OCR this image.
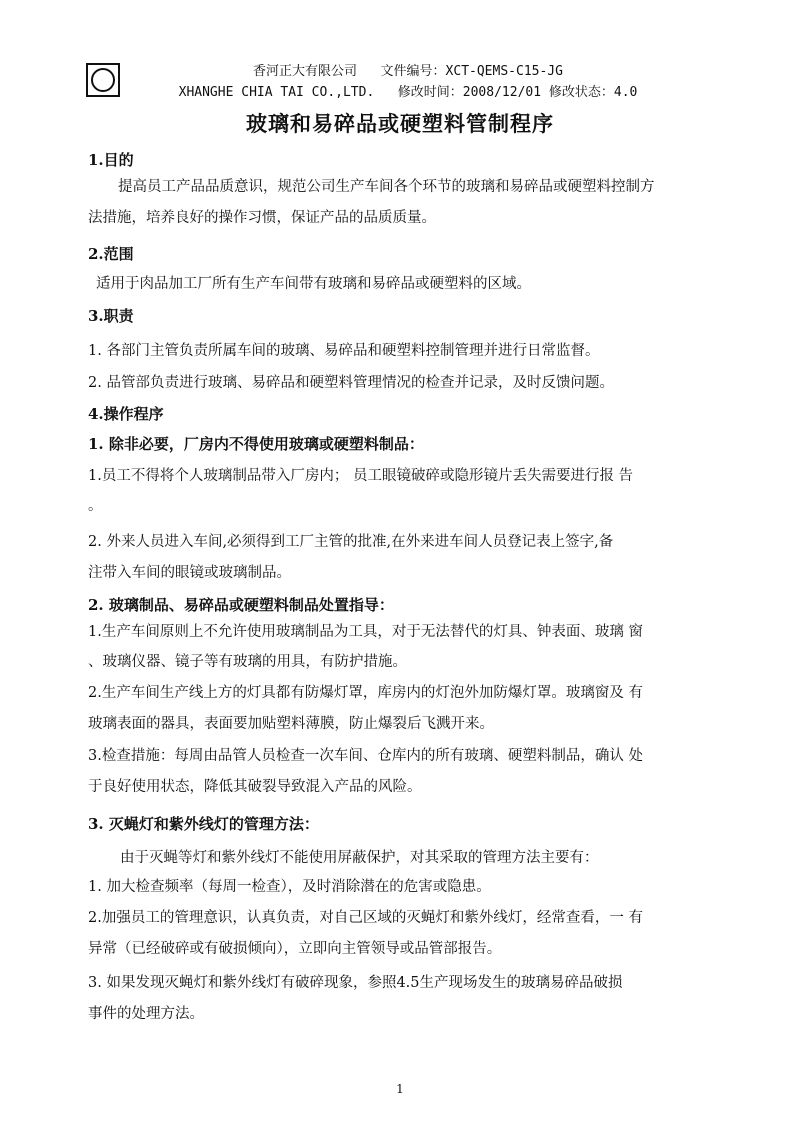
香河正大有限公司 文件编号：XCT-QEMS-C15-JG
XHANGHE CHIA TAI CO.,LTD. 修改时间：2008/12/01 修改状态：4.0
玻璃和易碎品或硬塑料管制程序
1.目的
提高员工产品品质意识，规范公司生产车间各个环节的玻璃和易碎品或硬塑料控制方
法措施，培养良好的操作习惯，保证产品的品质质量。
2.范围
适用于肉品加工厂所有生产车间带有玻璃和易碎品或硬塑料的区域。
3.职责
1. 各部门主管负责所属车间的玻璃、易碎品和硬塑料控制管理并进行日常监督。
2. 品管部负责进行玻璃、易碎品和硬塑料管理情况的检查并记录，及时反馈问题。
4.操作程序
1. 除非必要，厂房内不得使用玻璃或硬塑料制品：
1.员工不得将个人玻璃制品带入厂房内； 员工眼镜破碎或隐形镜片丢失需要进行报 告
。
2. 外来人员进入车间,必须得到工厂主管的批准,在外来进车间人员登记表上签字,备
注带入车间的眼镜或玻璃制品。
2. 玻璃制品、易碎品或硬塑料制品处置指导：
1.生产车间原则上不允许使用玻璃制品为工具，对于无法替代的灯具、钟表面、玻璃 窗
、玻璃仪器、镜子等有玻璃的用具，有防护措施。
2.生产车间生产线上方的灯具都有防爆灯罩，库房内的灯泡外加防爆灯罩。玻璃窗及 有
玻璃表面的器具，表面要加贴塑料薄膜，防止爆裂后飞溅开来。
3.检查措施：每周由品管人员检查一次车间、仓库内的所有玻璃、硬塑料制品，确认 处
于良好使用状态，降低其破裂导致混入产品的风险。
3. 灭蝇灯和紫外线灯的管理方法：
由于灭蝇等灯和紫外线灯不能使用屏蔽保护，对其采取的管理方法主要有：
1. 加大检查频率（每周一检查），及时消除潜在的危害或隐患。
2.加强员工的管理意识，认真负责，对自己区域的灭蝇灯和紫外线灯，经常查看，一 有
异常（已经破碎或有破损倾向），立即向主管领导或品管部报告。
3. 如果发现灭蝇灯和紫外线灯有破碎现象，参照4.5生产现场发生的玻璃易碎品破损
事件的处理方法。
1
